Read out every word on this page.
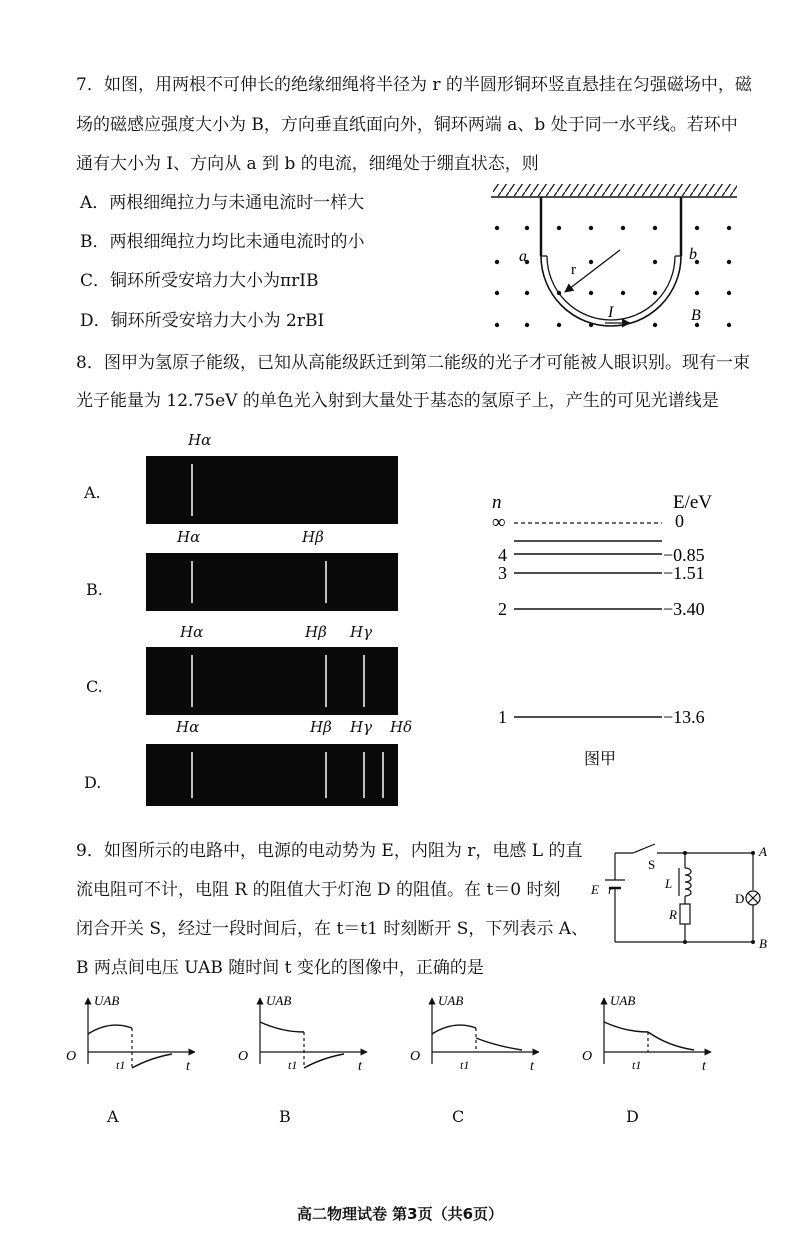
7． 如图，用两根不可伸长的绝缘细绳将半径为 r 的半圆形铜环竖直悬挂在匀强磁场中，磁
场的磁感应强度大小为 B，方向垂直纸面向外，铜环两端 a、b 处于同一水平线。若环中
通有大小为 I、方向从 a 到 b 的电流，细绳处于绷直状态，则
A．两根细绳拉力与未通电流时一样大
B．两根细绳拉力均比未通电流时的小
C．铜环所受安培力大小为πrIB
D．铜环所受安培力大小为 2rBI
a	b
r
I	B
8． 图甲为氢原子能级，已知从高能级跃迁到第二能级的光子才可能被人眼识别。现有一束
光子能量为 12.75eV 的单色光入射到大量处于基态的氢原子上，产生的可见光谱线是
A.
Hα
B.
Hα	Hβ
C.
Hα	Hβ Hγ
D.
Hα	Hβ Hγ Hδ
n	E/eV
∞	0
4	−0.85
3	−1.51
2	−3.40
1	−13.6
图甲
9． 如图所示的电路中，电源的电动势为 E，内阻为 r，电感 L 的直
流电阻可不计，电阻 R 的阻值大于灯泡 D 的阻值。在 t＝0 时刻
闭合开关 S，经过一段时间后，在 t＝t1 时刻断开 S，下列表示 A、
B 两点间电压 UAB 随时间 t 变化的图像中，正确的是
S
E r	L
R
D
A
B
UAB
O
t1	t
A
UAB
O
t1	t
B
UAB
O
t1	t
C
UAB
O
t1	t
D
高二物理试卷 第3页（共6页）
